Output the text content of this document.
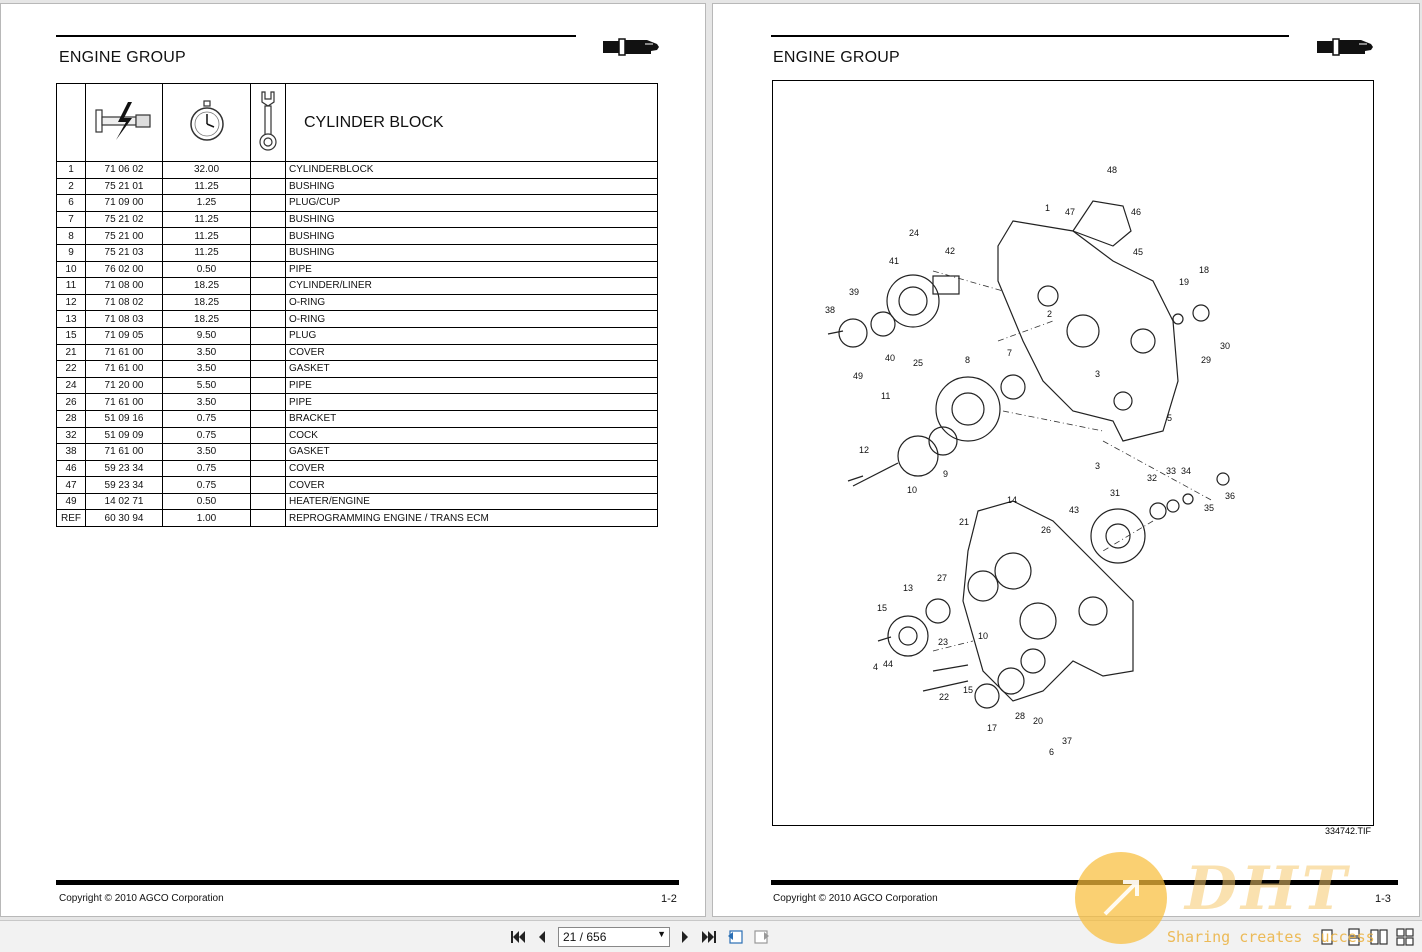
ENGINE GROUP
				CYLINDER BLOCK
1	71 06 02	32.00		CYLINDERBLOCK
2	75 21 01	11.25		BUSHING
6	71 09 00	1.25		PLUG/CUP
7	75 21 02	11.25		BUSHING
8	75 21 00	11.25		BUSHING
9	75 21 03	11.25		BUSHING
10	76 02 00	0.50		PIPE
11	71 08 00	18.25		CYLINDER/LINER
12	71 08 02	18.25		O-RING
13	71 08 03	18.25		O-RING
15	71 09 05	9.50		PLUG
21	71 61 00	3.50		COVER
22	71 61 00	3.50		GASKET
24	71 20 00	5.50		PIPE
26	71 61 00	3.50		PIPE
28	51 09 16	0.75		BRACKET
32	51 09 09	0.75		COCK
38	71 61 00	3.50		GASKET
46	59 23 34	0.75		COVER
47	59 23 34	0.75		COVER
49	14 02 71	0.50		HEATER/ENGINE
REF	60 30 94	1.00		REPROGRAMMING ENGINE / TRANS ECM
Copyright © 2010 AGCO Corporation	1-2
ENGINE GROUP
48
47	46
1
45
24
42
41
39
38
40 25
2
19
18
29
30
8
7
3
49
11
5
12
10
9
3
32
33 34
36
35
31
14
43
21
26
27
13
15
23
10
4 44
22
15
28 20
37
17
6
334742.TIF
Copyright © 2010 AGCO Corporation	1-3
21 / 656	▼
DHT
Sharing creates success
